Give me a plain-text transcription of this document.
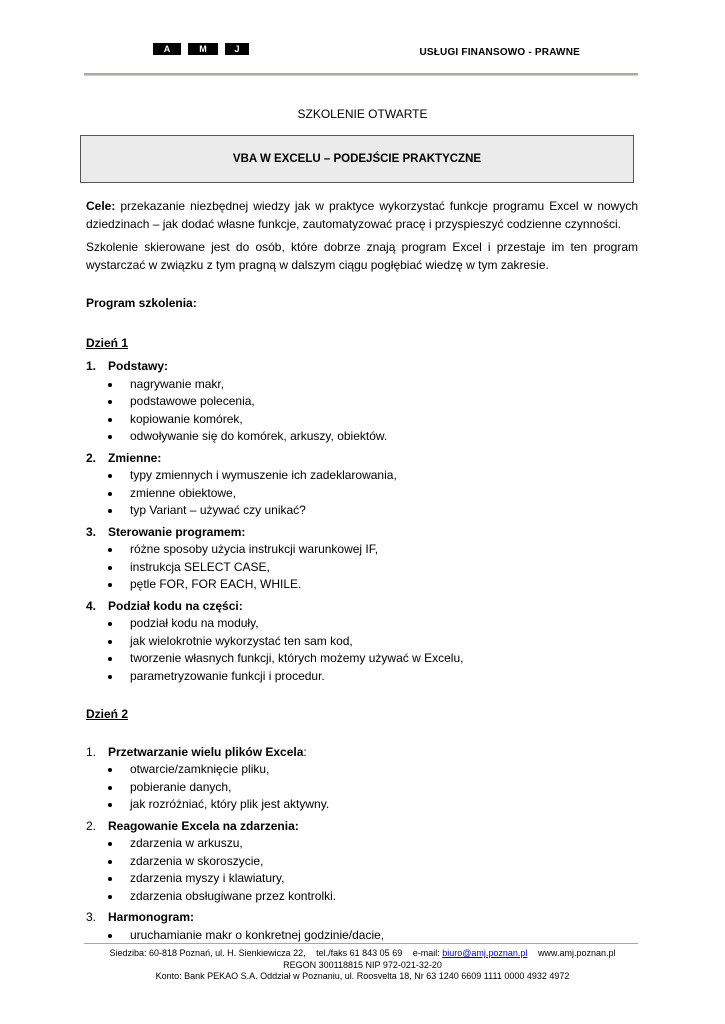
A	M	J	USŁUGI FINANSOWO - PRAWNE
SZKOLENIE OTWARTE
VBA W EXCELU – PODEJŚCIE PRAKTYCZNE

Cele: przekazanie niezbędnej wiedzy jak w praktyce wykorzystać funkcje programu Excel w nowych dziedzinach – jak dodać własne funkcje, zautomatyzować pracę i przyspieszyć codzienne czynności.

Szkolenie skierowane jest do osób, które dobrze znają program Excel i przestaje im ten program wystarczać w związku z tym pragną w dalszym ciągu pogłębiać wiedzę w tym zakresie.

Program szkolenia:
Dzień 1
1. Podstawy:
nagrywanie makr,
podstawowe polecenia,
kopiowanie komórek,
odwoływanie się do komórek, arkuszy, obiektów.
2. Zmienne:
typy zmiennych i wymuszenie ich zadeklarowania,
zmienne obiektowe,
typ Variant – używać czy unikać?
3. Sterowanie programem:
różne sposoby użycia instrukcji warunkowej IF,
instrukcja SELECT CASE,
pętle FOR, FOR EACH, WHILE.
4. Podział kodu na części:
podział kodu na moduły,
jak wielokrotnie wykorzystać ten sam kod,
tworzenie własnych funkcji, których możemy używać w Excelu,
parametryzowanie funkcji i procedur.
Dzień 2
1. Przetwarzanie wielu plików Excela:
otwarcie/zamknięcie pliku,
pobieranie danych,
jak rozróżniać, który plik jest aktywny.
2. Reagowanie Excela na zdarzenia:
zdarzenia w arkuszu,
zdarzenia w skoroszycie,
zdarzenia myszy i klawiatury,
zdarzenia obsługiwane przez kontrolki.
3. Harmonogram:
uruchamianie makr o konkretnej godzinie/dacie,
Siedziba: 60-818 Poznań, ul. H. Sienkiewicza 22, tel./faks 61 843 05 69 e-mail: biuro@amj.poznan.pl www.amj.poznan.pl
REGON 300118815 NIP 972-021-32-20
Konto: Bank PEKAO S.A. Oddział w Poznaniu, ul. Roosvelta 18, Nr 63 1240 6609 1111 0000 4932 4972
